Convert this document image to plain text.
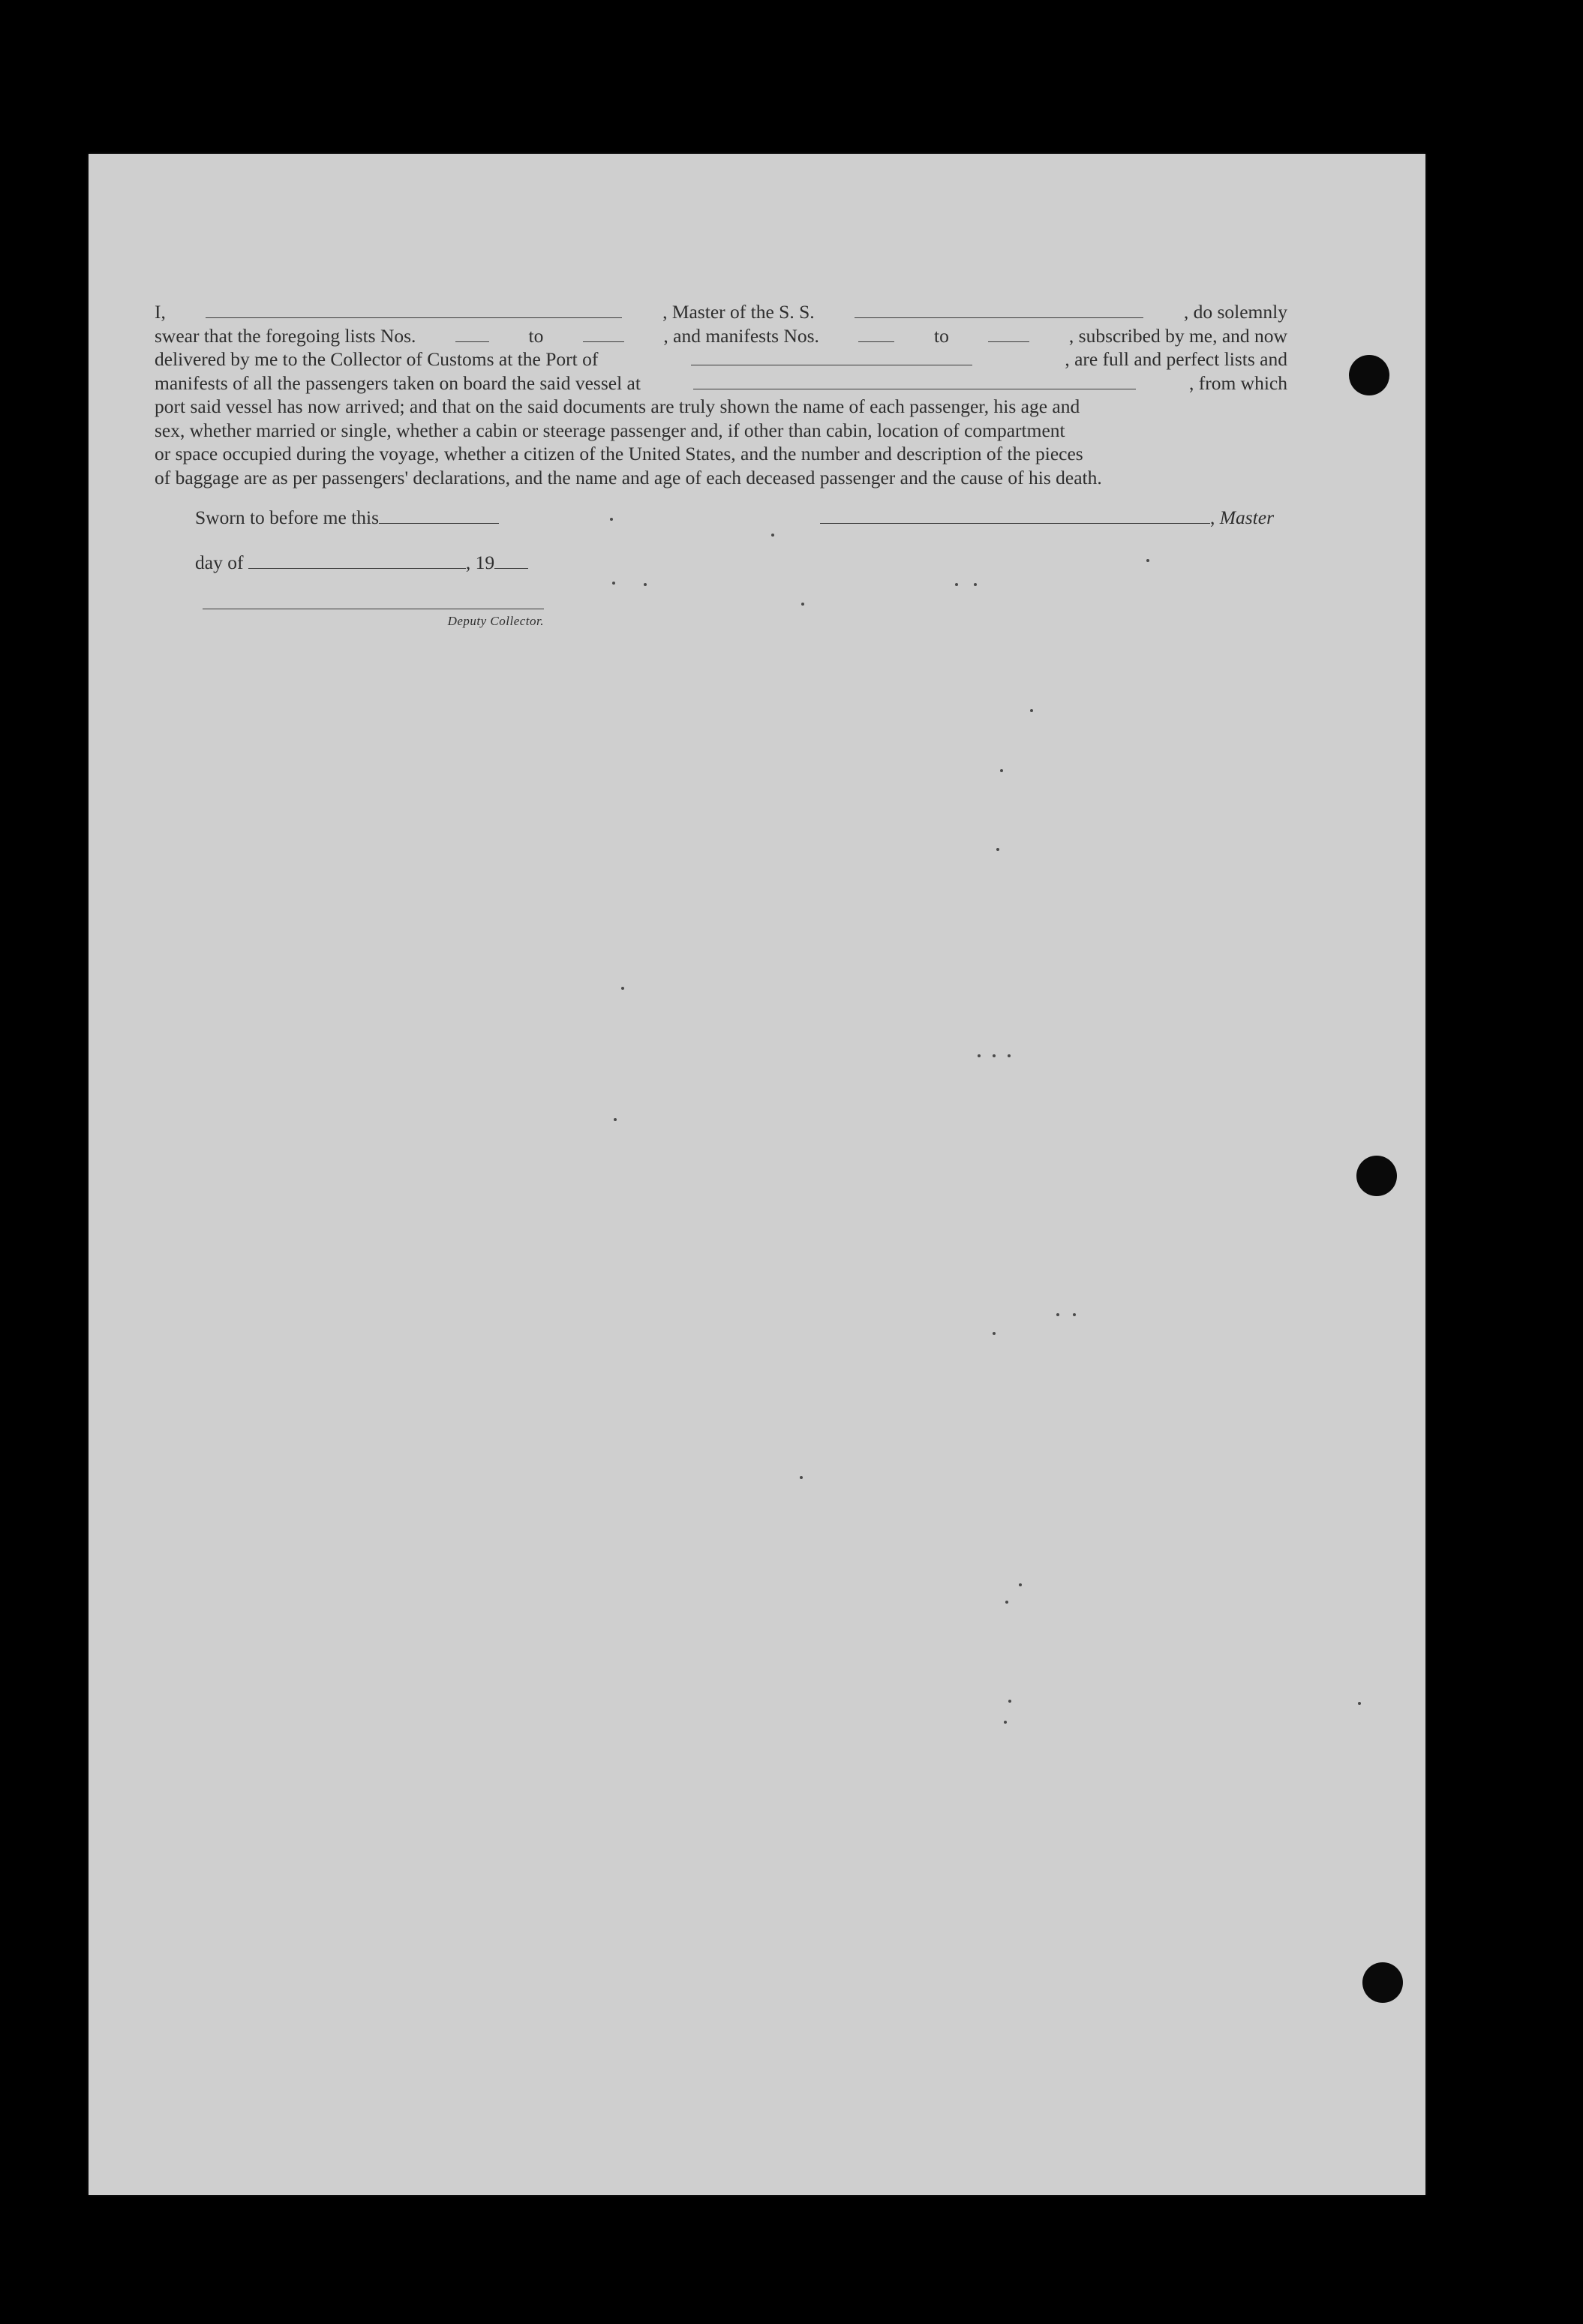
I,	, Master of the S. S.	, do solemnly
swear that the foregoing lists Nos.	to	, and manifests Nos.	to	, subscribed by me, and now
delivered by me to the Collector of Customs at the Port of	, are full and perfect lists and
manifests of all the passengers taken on board the said vessel at	, from which
port said vessel has now arrived; and that on the said documents are truly shown the name of each passenger, his age and
sex, whether married or single, whether a cabin or steerage passenger and, if other than cabin, location of compartment
or space occupied during the voyage, whether a citizen of the United States, and the number and description of the pieces
of baggage are as per passengers' declarations, and the name and age of each deceased passenger and the cause of his death.
Sworn to before me this	, Master
day of	, 19
Deputy Collector.
